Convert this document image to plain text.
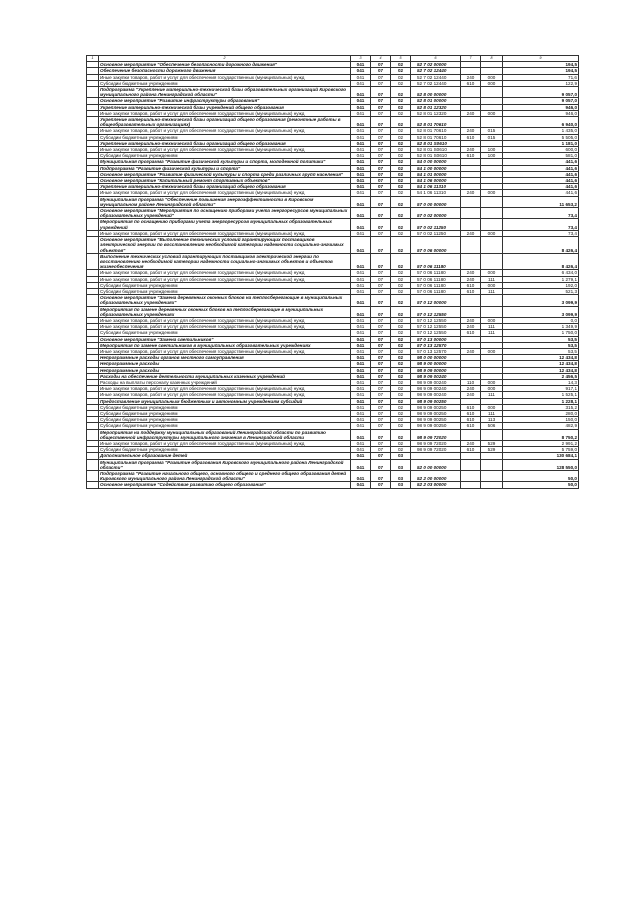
1	2	3	4	5	6	7	8	9
	Основное мероприятие "Обеспечение безопасности дорожного движения"	041	07	02	52 7 02 00000			194,5
	Обеспечение безопасности дорожного движения	041	07	02	52 7 02 12440			194,5
	Иные закупки товаров, работ и услуг для обеспечения государственных (муниципальных) нужд	041	07	02	52 7 02 12440	240	000	71,6
	Субсидии бюджетным учреждениям	041	07	02	52 7 02 12440	610	000	122,9
	Подпрограмма "Укрепление материально-технической базы образовательных организаций Кировского муниципального района Ленинградской области"	041	07	02	52 8 00 00000			9 057,0
	Основное мероприятие "Развитие инфраструктуры образования"	041	07	02	52 8 01 00000			9 057,0
	Укрепление материально-технической базы учреждений общего образования	041	07	02	52 8 01 12320			946,0
	Иные закупки товаров, работ и услуг для обеспечения государственных (муниципальных) нужд	041	07	02	52 8 01 12320	240	000	946,0
	Укрепление материально-технической базы организаций общего образования (ремонтные работы в общеобразовательных организациях)	041	07	02	52 8 01 70610			6 940,0
	Иные закупки товаров, работ и услуг для обеспечения государственных (муниципальных) нужд	041	07	02	52 8 01 70610	240	015	1 435,0
	Субсидии бюджетным учреждениям	041	07	02	52 8 01 70610	610	015	5 505,0
	Укрепление материально-технической базы организаций общего образования	041	07	02	52 8 01 S0610			1 181,0
	Иные закупки товаров, работ и услуг для обеспечения государственных (муниципальных) нужд	041	07	02	52 8 01 S0610	240	100	600,0
	Субсидии бюджетным учреждениям	041	07	02	52 8 01 S0610	610	100	581,0
	Муниципальная программа "Развитие физической культуры и спорта, молодежной политики"	041	07	02	54 0 00 00000			441,6
	Подпрограмма "Развитие физической культуры и спорта"	041	07	02	54 1 00 00000			441,6
	Основное мероприятие "Развитие физической культуры и спорта среди различных групп населения"	041	07	02	54 1 01 00000			441,6
	Основное мероприятие "Капитальный ремонт спортивных объектов"	041	07	02	54 1 06 00000			441,6
	Укрепление материально-технической базы организаций общего образования	041	07	02	54 1 06 11310			441,6
	Иные закупки товаров, работ и услуг для обеспечения государственных (муниципальных) нужд	041	07	02	54 1 06 11310	240	000	441,6
	Муниципальная программа "Обеспечение повышения энергоэффективности в Кировском муниципальном районе Ленинградской области"	041	07	02	57 0 00 00000			11 653,2
	Основное мероприятие "Мероприятия по оснащению приборами учета энергоресурсов муниципальных образовательных учреждений"	041	07	02	57 0 02 00000			73,4
	Мероприятия по оснащению приборами учета энергоресурсов муниципальных образовательных учреждений	041	07	02	57 0 02 11250			73,4
	Иные закупки товаров, работ и услуг для обеспечения государственных (муниципальных) нужд	041	07	02	57 0 02 11250	240	000	73,4
	Основное мероприятие "Выполнение технических условий гарантирующих поставщиков электрической энергии по восстановлению необходимой категории надежности социально-значимых объектов"	041	07	02	57 0 06 00000			8 426,4
	Выполнение технических условий гарантирующих поставщиков электрической энергии по восстановлению необходимой категории надежности социально-значимых объектов и объектов жизнеобеспечения	041	07	02	57 0 06 11180			8 426,4
	Иные закупки товаров, работ и услуг для обеспечения государственных (муниципальных) нужд	041	07	02	57 0 06 11180	240	000	6 434,0
	Иные закупки товаров, работ и услуг для обеспечения государственных (муниципальных) нужд	041	07	02	57 0 06 11180	240	111	1 279,1
	Субсидии бюджетным учреждениям	041	07	02	57 0 06 11180	610	000	192,0
	Субсидии бюджетным учреждениям	041	07	02	57 0 06 11180	610	111	521,3
	Основное мероприятие "Замена деревянных оконных блоков на теплосберегающие в муниципальных образовательных учреждениях"	041	07	02	57 0 12 00000			3 099,9
	Мероприятия по замене деревянных оконных блоков на теплосберегающие в муниципальных образовательных учреждениях	041	07	02	57 0 12 12550			3 099,9
	Иные закупки товаров, работ и услуг для обеспечения государственных (муниципальных) нужд	041	07	02	57 0 12 12550	240	000	0,0
	Иные закупки товаров, работ и услуг для обеспечения государственных (муниципальных) нужд	041	07	02	57 0 12 12550	240	111	1 349,9
	Субсидии бюджетным учреждениям	041	07	02	57 0 12 12550	610	111	1 750,0
	Основное мероприятие "Замена светильников"	041	07	02	57 0 13 00000			53,5
	Мероприятия по замене светильников в муниципальных образовательных учреждениях	041	07	02	57 0 13 12570			53,5
	Иные закупки товаров, работ и услуг для обеспечения государственных (муниципальных) нужд	041	07	02	57 0 13 12570	240	000	53,5
	Непрограммные расходы органов местного самоуправления	041	07	02	98 0 00 00000			12 434,8
	Непрограммные расходы	041	07	02	98 9 00 00000			12 434,8
	Непрограммные расходы	041	07	02	98 9 09 00000			12 434,8
	Расходы на обеспечение деятельности муниципальных казенных учреждений	041	07	02	98 9 09 00240			2 456,5
	Расходы на выплаты персоналу казенных учреждений	041	07	02	98 9 09 00240	110	000	14,3
	Иные закупки товаров, работ и услуг для обеспечения государственных (муниципальных) нужд	041	07	02	98 9 09 00240	240	000	917,1
	Иные закупки товаров, работ и услуг для обеспечения государственных (муниципальных) нужд	041	07	02	98 9 09 00240	240	111	1 525,1
	Предоставление муниципальным бюджетным и автономным учреждениям субсидий	041	07	02	98 9 09 00250			1 228,1
	Субсидии бюджетным учреждениям	041	07	02	98 9 09 00250	610	000	315,2
	Субсидии бюджетным учреждениям	041	07	02	98 9 09 00250	610	111	280,0
	Субсидии бюджетным учреждениям	041	07	02	98 9 09 00250	610	113	150,0
	Субсидии бюджетным учреждениям	041	07	02	98 9 09 00250	610	506	482,9
	Мероприятия на поддержку муниципальных образований Ленинградской области по развитию общественной инфраструктуры муниципального значения в Ленинградской области	041	07	02	98 9 09 72020			8 750,2
	Иные закупки товаров, работ и услуг для обеспечения государственных (муниципальных) нужд	041	07	02	98 9 09 72020	240	529	2 991,2
	Субсидии бюджетным учреждениям	041	07	02	98 9 09 72020	610	529	5 759,0
	Дополнительное образование детей	041	07	03				130 684,1
	Муниципальная программа "Развитие образования Кировского муниципального района Ленинградской области"	041	07	03	52 0 00 00000			128 550,0
	Подпрограмма "Развитие начального общего, основного общего и среднего общего образования детей Кировского муниципального района Ленинградской области"	041	07	03	52 2 00 00000			50,0
	Основное мероприятие "Содействие развитию общего образования"	041	07	03	52 2 03 00000			50,0
